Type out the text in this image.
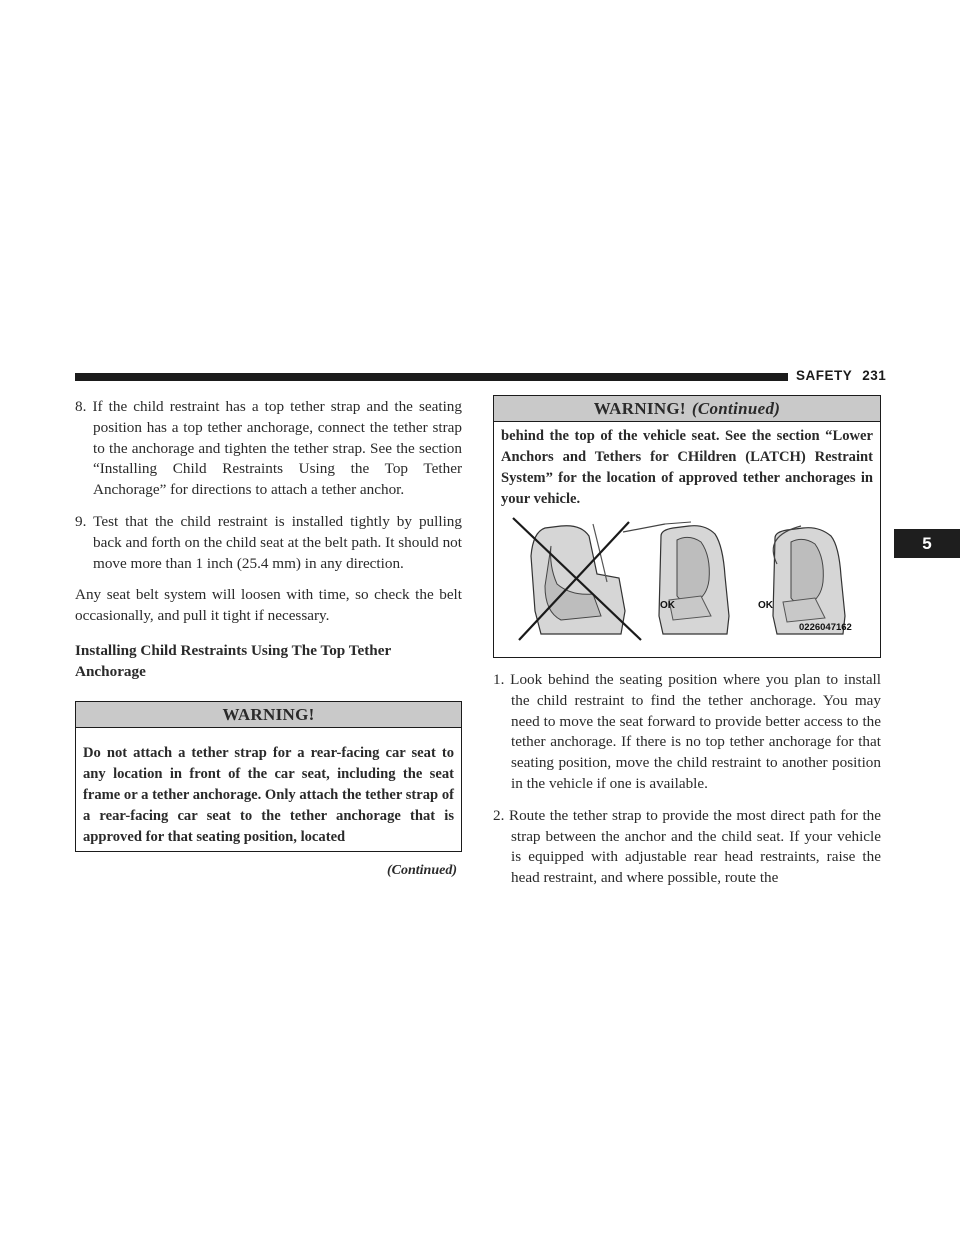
SAFETY 231
5

8. If the child restraint has a top tether strap and the seating position has a top tether anchorage, connect the tether strap to the anchorage and tighten the tether strap. See the section “Installing Child Restraints Using the Top Tether Anchorage” for directions to attach a tether anchor.

9. Test that the child restraint is installed tightly by pulling back and forth on the child seat at the belt path. It should not move more than 1 inch (25.4 mm) in any direction.

Any seat belt system will loosen with time, so check the belt occasionally, and pull it tight if necessary.

Installing Child Restraints Using The Top Tether Anchorage
WARNING!
Do not attach a tether strap for a rear-facing car seat to any location in front of the car seat, including the seat frame or a tether anchorage. Only attach the tether strap of a rear-facing car seat to the tether anchorage that is approved for that seating position, located
(Continued)
WARNING! (Continued)
behind the top of the vehicle seat. See the section “Lower Anchors and Tethers for CHildren (LATCH) Restraint System” for the location of approved tether anchorages in your vehicle.
OK	OK
0226047162

1. Look behind the seating position where you plan to install the child restraint to find the tether anchorage. You may need to move the seat forward to provide better access to the tether anchorage. If there is no top tether anchorage for that seating position, move the child restraint to another position in the vehicle if one is available.

2. Route the tether strap to provide the most direct path for the strap between the anchor and the child seat. If your vehicle is equipped with adjustable rear head restraints, raise the head restraint, and where possible, route the
